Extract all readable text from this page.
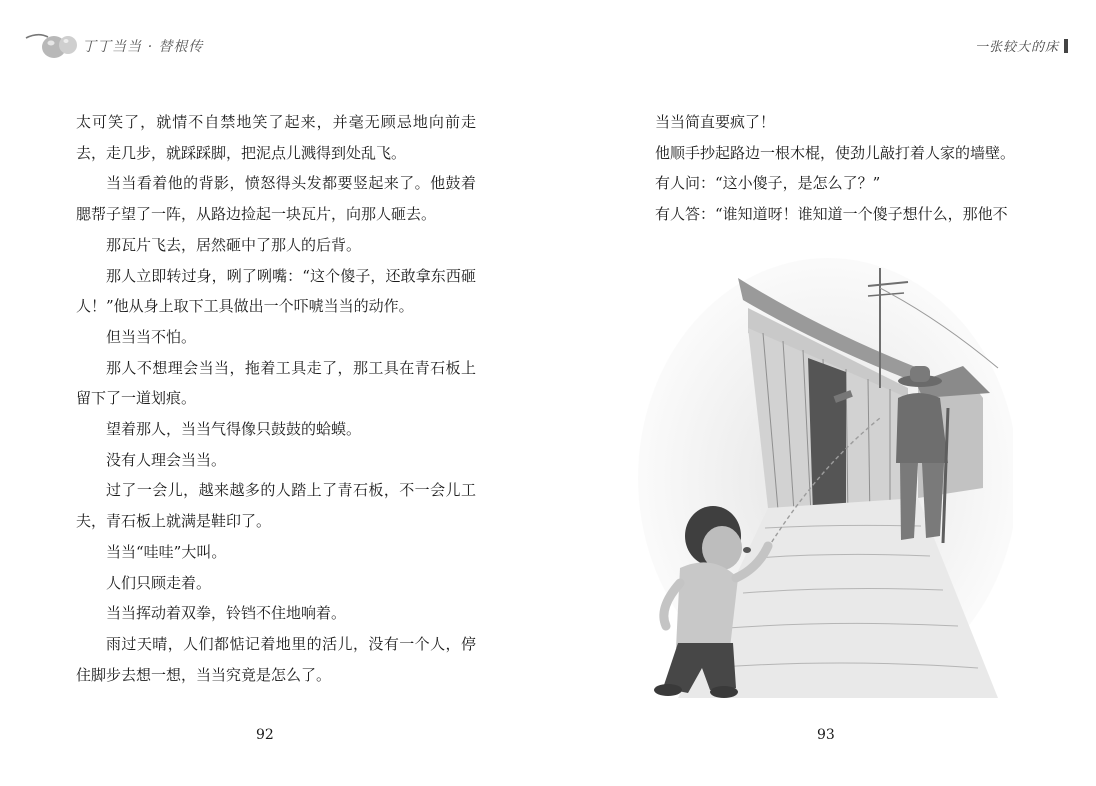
丁丁当当 · 替根传	一张较大的床

太可笑了，就情不自禁地笑了起来，并毫无顾忌地向前走去，走几步，就踩踩脚，把泥点儿溅得到处乱飞。

当当看着他的背影，愤怒得头发都要竖起来了。他鼓着腮帮子望了一阵，从路边捡起一块瓦片，向那人砸去。

那瓦片飞去，居然砸中了那人的后背。

那人立即转过身，咧了咧嘴：“这个傻子，还敢拿东西砸人！”他从身上取下工具做出一个吓唬当当的动作。

但当当不怕。

那人不想理会当当，拖着工具走了，那工具在青石板上留下了一道划痕。

望着那人，当当气得像只鼓鼓的蛤蟆。

没有人理会当当。

过了一会儿，越来越多的人踏上了青石板，不一会儿工夫，青石板上就满是鞋印了。

当当“哇哇”大叫。

人们只顾走着。

当当挥动着双拳，铃铛不住地响着。

雨过天晴，人们都惦记着地里的活儿，没有一个人，停住脚步去想一想，当当究竟是怎么了。

当当简直要疯了！

他顺手抄起路边一根木棍，使劲儿敲打着人家的墙壁。

有人问：“这小傻子，是怎么了？”

有人答：“谁知道呀！谁知道一个傻子想什么，那他不

92	93
